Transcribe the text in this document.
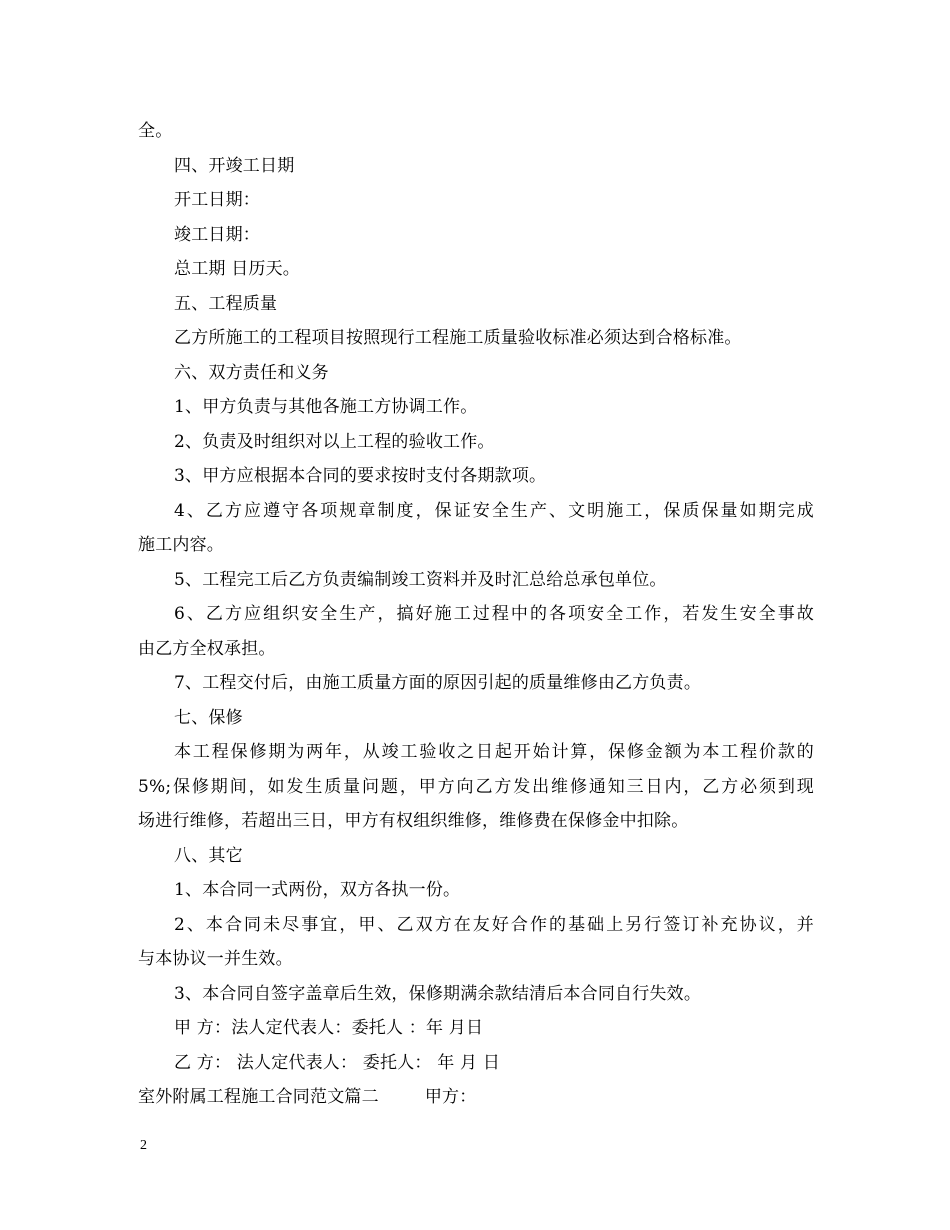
全。
四、开竣工日期
开工日期：
竣工日期：
总工期 日历天。
五、工程质量
乙方所施工的工程项目按照现行工程施工质量验收标准必须达到合格标准。
六、双方责任和义务
1、甲方负责与其他各施工方协调工作。
2、负责及时组织对以上工程的验收工作。
3、甲方应根据本合同的要求按时支付各期款项。
4、乙方应遵守各项规章制度，保证安全生产、文明施工，保质保量如期完成
施工内容。
5、工程完工后乙方负责编制竣工资料并及时汇总给总承包单位。
6、乙方应组织安全生产，搞好施工过程中的各项安全工作，若发生安全事故
由乙方全权承担。
7、工程交付后，由施工质量方面的原因引起的质量维修由乙方负责。
七、保修
本工程保修期为两年，从竣工验收之日起开始计算，保修金额为本工程价款的
5%;保修期间，如发生质量问题，甲方向乙方发出维修通知三日内，乙方必须到现
场进行维修，若超出三日，甲方有权组织维修，维修费在保修金中扣除。
八、其它
1、本合同一式两份，双方各执一份。
2、本合同未尽事宜，甲、乙双方在友好合作的基础上另行签订补充协议，并
与本协议一并生效。
3、本合同自签字盖章后生效，保修期满余款结清后本合同自行失效。
甲 方：法人定代表人：委托人 ：年 月日
乙 方： 法人定代表人： 委托人： 年 月 日
室外附属工程施工合同范文篇二	甲方：
2
